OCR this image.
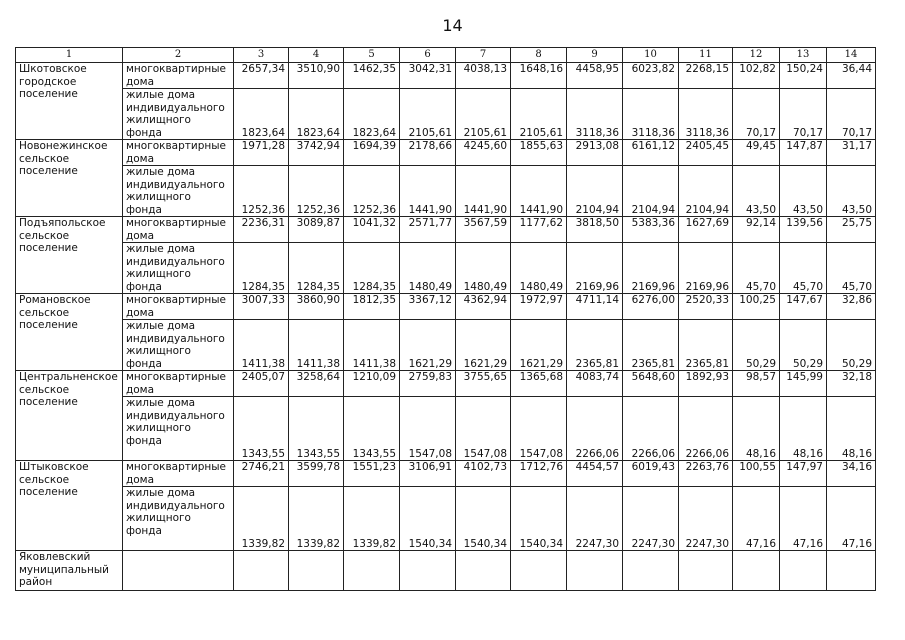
14
1	2	3	4	5	6	7	8	9	10	11	12	13	14
Шкотовское городское поселение	многоквартирные дома	2657,34	3510,90	1462,35	3042,31	4038,13	1648,16	4458,95	6023,82	2268,15	102,82	150,24	36,44
	жилые дома индивидуального жилищного фонда	1823,64	1823,64	1823,64	2105,61	2105,61	2105,61	3118,36	3118,36	3118,36	70,17	70,17	70,17
Новонежинское сельское поселение	многоквартирные дома	1971,28	3742,94	1694,39	2178,66	4245,60	1855,63	2913,08	6161,12	2405,45	49,45	147,87	31,17
	жилые дома индивидуального жилищного фонда	1252,36	1252,36	1252,36	1441,90	1441,90	1441,90	2104,94	2104,94	2104,94	43,50	43,50	43,50
Подъяпольское сельское поселение	многоквартирные дома	2236,31	3089,87	1041,32	2571,77	3567,59	1177,62	3818,50	5383,36	1627,69	92,14	139,56	25,75
	жилые дома индивидуального жилищного фонда	1284,35	1284,35	1284,35	1480,49	1480,49	1480,49	2169,96	2169,96	2169,96	45,70	45,70	45,70
Романовское сельское поселение	многоквартирные дома	3007,33	3860,90	1812,35	3367,12	4362,94	1972,97	4711,14	6276,00	2520,33	100,25	147,67	32,86
	жилые дома индивидуального жилищного фонда	1411,38	1411,38	1411,38	1621,29	1621,29	1621,29	2365,81	2365,81	2365,81	50,29	50,29	50,29
Центральненское сельское поселение	многоквартирные дома	2405,07	3258,64	1210,09	2759,83	3755,65	1365,68	4083,74	5648,60	1892,93	98,57	145,99	32,18
	жилые дома индивидуального жилищного фонда	1343,55	1343,55	1343,55	1547,08	1547,08	1547,08	2266,06	2266,06	2266,06	48,16	48,16	48,16
Штыковское сельское поселение	многоквартирные дома	2746,21	3599,78	1551,23	3106,91	4102,73	1712,76	4454,57	6019,43	2263,76	100,55	147,97	34,16
	жилые дома индивидуального жилищного фонда	1339,82	1339,82	1339,82	1540,34	1540,34	1540,34	2247,30	2247,30	2247,30	47,16	47,16	47,16
Яковлевский муниципальный район													
